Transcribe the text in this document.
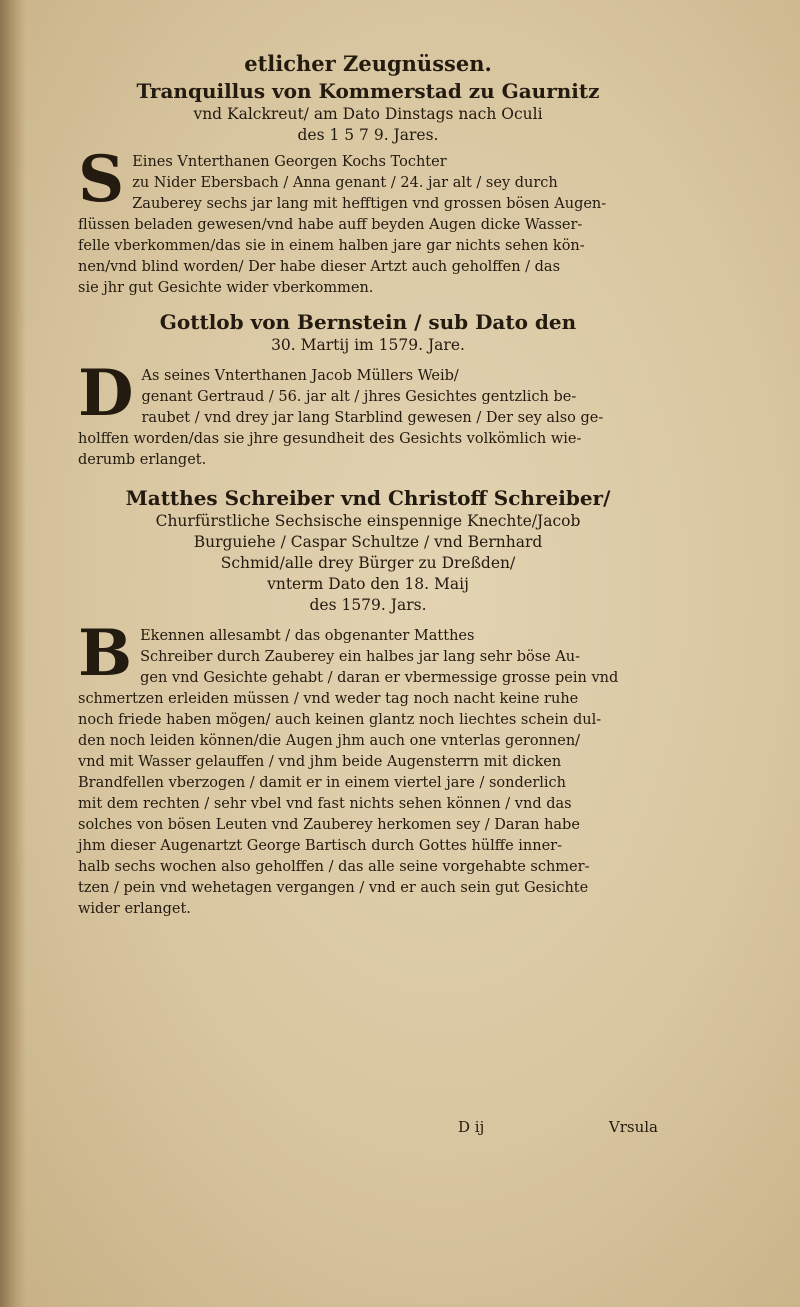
etlicher Zeugnüssen.
Tranquillus von Kommerstad zu Gaurnitz
vnd Kalckreut/ am Dato Dinstags nach Oculi
des 1 5 7 9. Jares.
S Eines Vnterthanen Georgen Kochs Tochter

zu Nider Ebersbach / Anna genant / 24. jar alt / sey durch

Zauberey sechs jar lang mit hefftigen vnd grossen bösen Augen-

flüssen beladen gewesen/vnd habe auff beyden Augen dicke Wasser-

felle vberkommen/das sie in einem halben jare gar nichts sehen kön-

nen/vnd blind worden/ Der habe dieser Artzt auch geholffen / das

sie jhr gut Gesichte wider vberkommen.

Gottlob von Bernstein / sub Dato den
30. Martij im 1579. Jare.
D As seines Vnterthanen Jacob Müllers Weib/

genant Gertraud / 56. jar alt / jhres Gesichtes gentzlich be-

raubet / vnd drey jar lang Starblind gewesen / Der sey also ge-

holffen worden/das sie jhre gesundheit des Gesichts volkömlich wie-

derumb erlanget.

Matthes Schreiber vnd Christoff Schreiber/
Churfürstliche Sechsische einspennige Knechte/Jacob
Burguiehe / Caspar Schultze / vnd Bernhard
Schmid/alle drey Bürger zu Dreßden/
vnterm Dato den 18. Maij
des 1579. Jars.
B Ekennen allesambt / das obgenanter Matthes

Schreiber durch Zauberey ein halbes jar lang sehr böse Au-

gen vnd Gesichte gehabt / daran er vbermessige grosse pein vnd

schmertzen erleiden müssen / vnd weder tag noch nacht keine ruhe

noch friede haben mögen/ auch keinen glantz noch liechtes schein dul-

den noch leiden können/die Augen jhm auch one vnterlas geronnen/

vnd mit Wasser gelauffen / vnd jhm beide Augensterrn mit dicken

Brandfellen vberzogen / damit er in einem viertel jare / sonderlich

mit dem rechten / sehr vbel vnd fast nichts sehen können / vnd das

solches von bösen Leuten vnd Zauberey herkomen sey / Daran habe

jhm dieser Augenartzt George Bartisch durch Gottes hülffe inner-

halb sechs wochen also geholffen / das alle seine vorgehabte schmer-

tzen / pein vnd wehetagen vergangen / vnd er auch sein gut Gesichte

wider erlanget.

D ij	Vrsula
